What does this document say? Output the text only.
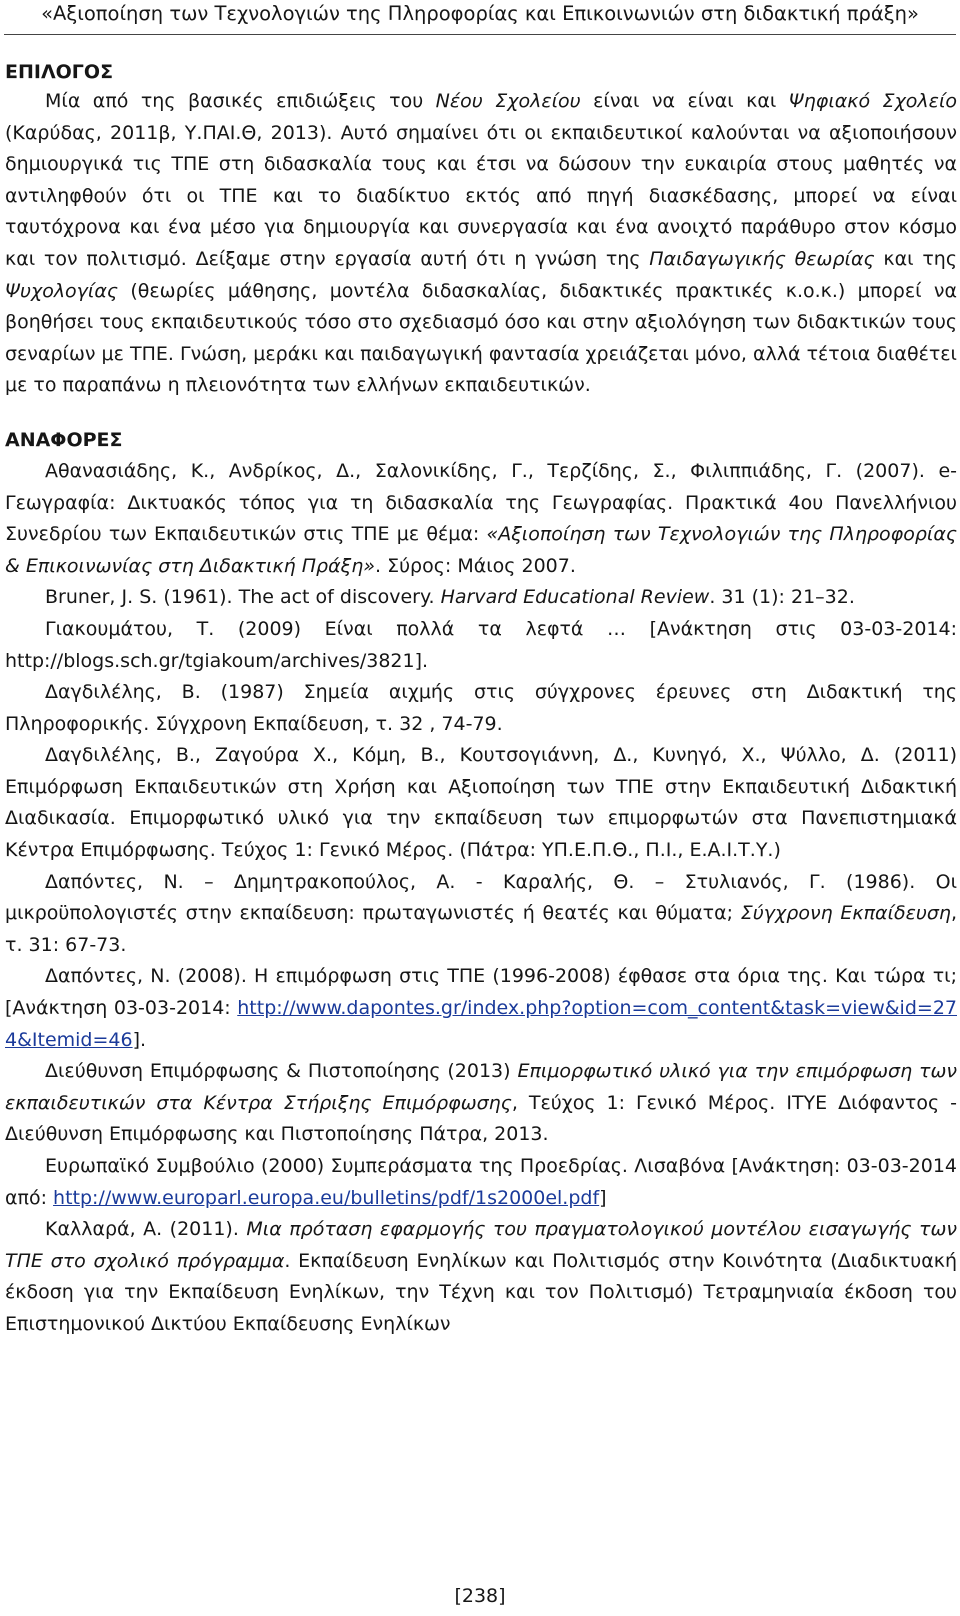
«Αξιοποίηση των Τεχνολογιών της Πληροφορίας και Επικοινωνιών στη διδακτική πράξη»
ΕΠΙΛΟΓΟΣ

Μία από της βασικές επιδιώξεις του Νέου Σχολείου είναι να είναι και Ψηφιακό Σχολείο (Καρύδας, 2011β, Υ.ΠΑΙ.Θ, 2013). Αυτό σημαίνει ότι οι εκπαιδευτικοί καλούνται να αξιοποιήσουν δημιουργικά τις ΤΠΕ στη διδασκαλία τους και έτσι να δώσουν την ευκαιρία στους μαθητές να αντιληφθούν ότι οι ΤΠΕ και το διαδίκτυο εκτός από πηγή διασκέδασης, μπορεί να είναι ταυτόχρονα και ένα μέσο για δημιουργία και συνεργασία και ένα ανοιχτό παράθυρο στον κόσμο και τον πολιτισμό. Δείξαμε στην εργασία αυτή ότι η γνώση της Παιδαγωγικής θεωρίας και της Ψυχολογίας (θεωρίες μάθησης, μοντέλα διδασκαλίας, διδακτικές πρακτικές κ.ο.κ.) μπορεί να βοηθήσει τους εκπαιδευτικούς τόσο στο σχεδιασμό όσο και στην αξιολόγηση των διδακτικών τους σεναρίων με ΤΠΕ. Γνώση, μεράκι και παιδαγωγική φαντασία χρειάζεται μόνο, αλλά τέτοια διαθέτει με το παραπάνω η πλειονότητα των ελλήνων εκπαιδευτικών.

ΑΝΑΦΟΡΕΣ

Αθανασιάδης, Κ., Ανδρίκος, Δ., Σαλονικίδης, Γ., Τερζίδης, Σ., Φιλιππιάδης, Γ. (2007). e-Γεωγραφία: Δικτυακός τόπος για τη διδασκαλία της Γεωγραφίας. Πρακτικά 4ου Πανελλήνιου Συνεδρίου των Εκπαιδευτικών στις ΤΠΕ με θέμα: «Αξιοποίηση των Τεχνολογιών της Πληροφορίας & Επικοινωνίας στη Διδακτική Πράξη». Σύρος: Μάιος 2007.

Bruner, J. S. (1961). The act of discovery. Harvard Educational Review. 31 (1): 21–32.

Γιακουμάτου, Τ. (2009) Είναι πολλά τα λεφτά … [Ανάκτηση στις 03-03-2014: http://blogs.sch.gr/tgiakoum/archives/3821].

Δαγδιλέλης, Β. (1987) Σημεία αιχμής στις σύγχρονες έρευνες στη Διδακτική της Πληροφορικής. Σύγχρονη Εκπαίδευση, τ. 32 , 74-79.

Δαγδιλέλης, Β., Ζαγούρα Χ., Κόμη, Β., Κουτσογιάννη, Δ., Κυνηγό, Χ., Ψύλλο, Δ. (2011) Επιμόρφωση Εκπαιδευτικών στη Χρήση και Αξιοποίηση των ΤΠΕ στην Εκπαιδευτική Διδακτική Διαδικασία. Επιμορφωτικό υλικό για την εκπαίδευση των επιμορφωτών στα Πανεπιστημιακά Κέντρα Επιμόρφωσης. Τεύχος 1: Γενικό Μέρος. (Πάτρα: ΥΠ.Ε.Π.Θ., Π.Ι., Ε.Α.Ι.Τ.Υ.)

Δαπόντες, Ν. – Δημητρακοπούλος, Α. - Καραλής, Θ. – Στυλιανός, Γ. (1986). Οι μικροϋπολογιστές στην εκπαίδευση: πρωταγωνιστές ή θεατές και θύματα; Σύγχρονη Εκπαίδευση, τ. 31: 67-73.

Δαπόντες, Ν. (2008). Η επιμόρφωση στις ΤΠΕ (1996-2008) έφθασε στα όρια της. Και τώρα τι; [Ανάκτηση 03-03-2014: http://www.dapontes.gr/index.php?option=com_content&task=view&id=274&Itemid=46].

Διεύθυνση Επιμόρφωσης & Πιστοποίησης (2013) Επιμορφωτικό υλικό για την επιμόρφωση των εκπαιδευτικών στα Κέντρα Στήριξης Επιμόρφωσης, Τεύχος 1: Γενικό Μέρος. ΙΤΥΕ Διόφαντος - Διεύθυνση Επιμόρφωσης και Πιστοποίησης Πάτρα, 2013.

Ευρωπαϊκό Συμβούλιο (2000) Συμπεράσματα της Προεδρίας. Λισαβόνα [Ανάκτηση: 03-03-2014 από: http://www.europarl.europa.eu/bulletins/pdf/1s2000el.pdf]

Καλλαρά, Α. (2011). Μια πρόταση εφαρμογής του πραγματολογικού μοντέλου εισαγωγής των ΤΠΕ στο σχολικό πρόγραμμα. Εκπαίδευση Ενηλίκων και Πολιτισμός στην Κοινότητα (Διαδικτυακή έκδοση για την Εκπαίδευση Ενηλίκων, την Τέχνη και τον Πολιτισμό) Τετραμηνιαία έκδοση του Επιστημονικού Δικτύου Εκπαίδευσης Ενηλίκων

[238]
